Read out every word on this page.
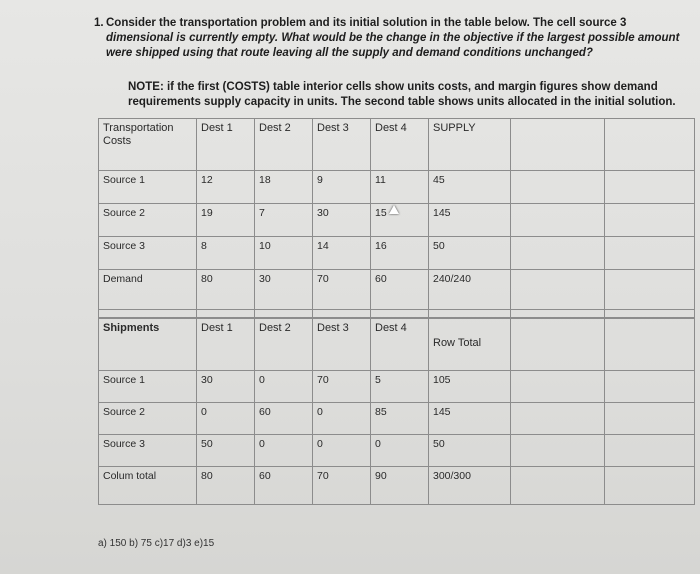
1. Consider the transportation problem and its initial solution in the table below. The cell source 3
dimensional is currently empty. What would be the change in the objective if the largest possible amount
were shipped using that route leaving all the supply and demand conditions unchanged?
NOTE: if the first (COSTS) table interior cells show units costs, and margin figures show demand
requirements supply capacity in units. The second table shows units allocated in the initial solution.
Transportation Costs	Dest 1	Dest 2	Dest 3	Dest 4	SUPPLY		
Source 1	12	18	9	11	45		
Source 2	19	7	30	15	145		
Source 3	8	10	14	16	50		
Demand	80	30	70	60	240/240		

Shipments	Dest 1	Dest 2	Dest 3	Dest 4	Row Total		
Source 1	30	0	70	5	105		
Source 2	0	60	0	85	145		
Source 3	50	0	0	0	50		
Colum total	80	60	70	90	300/300		
a) 150 b) 75 c)17 d)3 e)15
